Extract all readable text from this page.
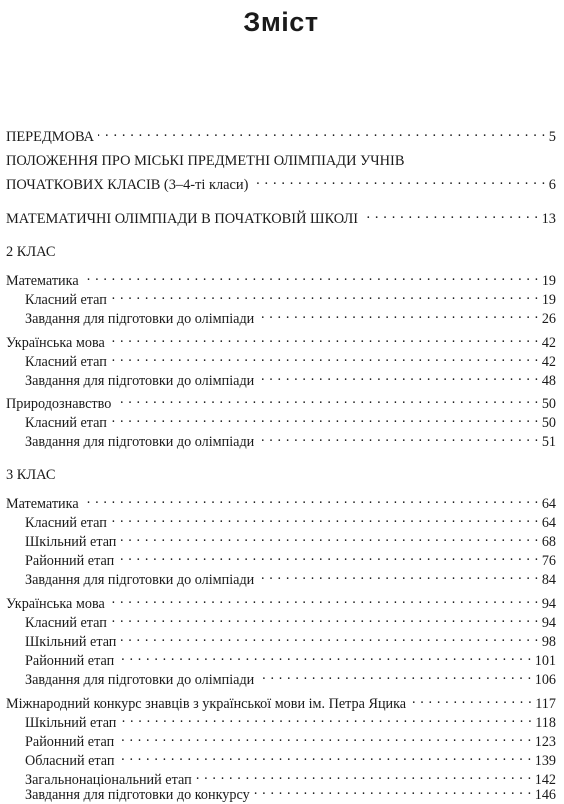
Зміст
ПЕРЕДМОВА . . .	5
ПОЛОЖЕННЯ ПРО МІСЬКІ ПРЕДМЕТНІ ОЛІМПІАДИ УЧНІВ
ПОЧАТКОВИХ КЛАСІВ (3–4-ті класи) . . .	6
МАТЕМАТИЧНІ ОЛІМПІАДИ В ПОЧАТКОВІЙ ШКОЛІ . . .	13
2 КЛАС
Математика . . .	19
Класний етап . . .	19
Завдання для підготовки до олімпіади . . .	26
Українська мова . . .	42
Класний етап . . .	42
Завдання для підготовки до олімпіади . . .	48
Природознавство . . .	50
Класний етап . . .	50
Завдання для підготовки до олімпіади . . .	51
3 КЛАС
Математика . . .	64
Класний етап . . .	64
Шкільний етап . . .	68
Районний етап . . .	76
Завдання для підготовки до олімпіади . . .	84
Українська мова . . .	94
Класний етап . . .	94
Шкільний етап . . .	98
Районний етап . . .	101
Завдання для підготовки до олімпіади . . .	106
Міжнародний конкурс знавців з української мови ім. Петра Яцика . . .	117
Шкільний етап . . .	118
Районний етап . . .	123
Обласний етап . . .	139
Загальнонаціональний етап . . .	142
Завдання для підготовки до конкурсу . . .	146
